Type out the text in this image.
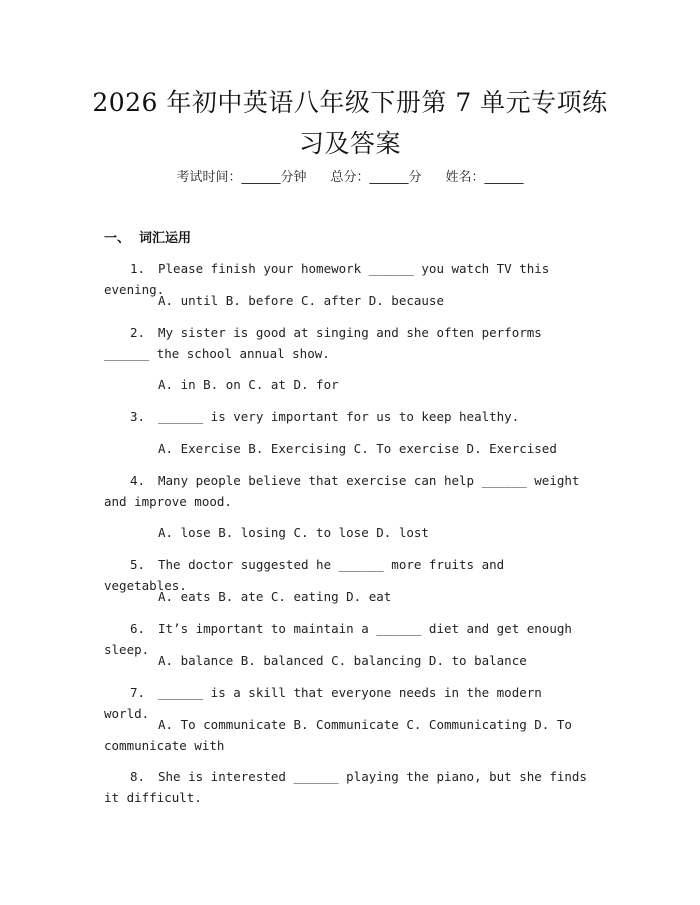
2026 年初中英语八年级下册第 7 单元专项练
习及答案
考试时间：______分钟 总分：______分 姓名：______
一、  词汇运用
1. Please finish your homework ______ you watch TV this evening.
A. until B. before C. after D. because
2. My sister is good at singing and she often performs ______ the school annual show.
A. in B. on C. at D. for
3. ______ is very important for us to keep healthy.
A. Exercise B. Exercising C. To exercise D. Exercised
4. Many people believe that exercise can help ______ weight and improve mood.
A. lose B. losing C. to lose D. lost
5. The doctor suggested he ______ more fruits and vegetables.
A. eats B. ate C. eating D. eat
6. It’s important to maintain a ______ diet and get enough sleep.
A. balance B. balanced C. balancing D. to balance
7. ______ is a skill that everyone needs in the modern world.
A. To communicate B. Communicate C. Communicating D. To communicate with
8. She is interested ______ playing the piano, but she finds it difficult.
